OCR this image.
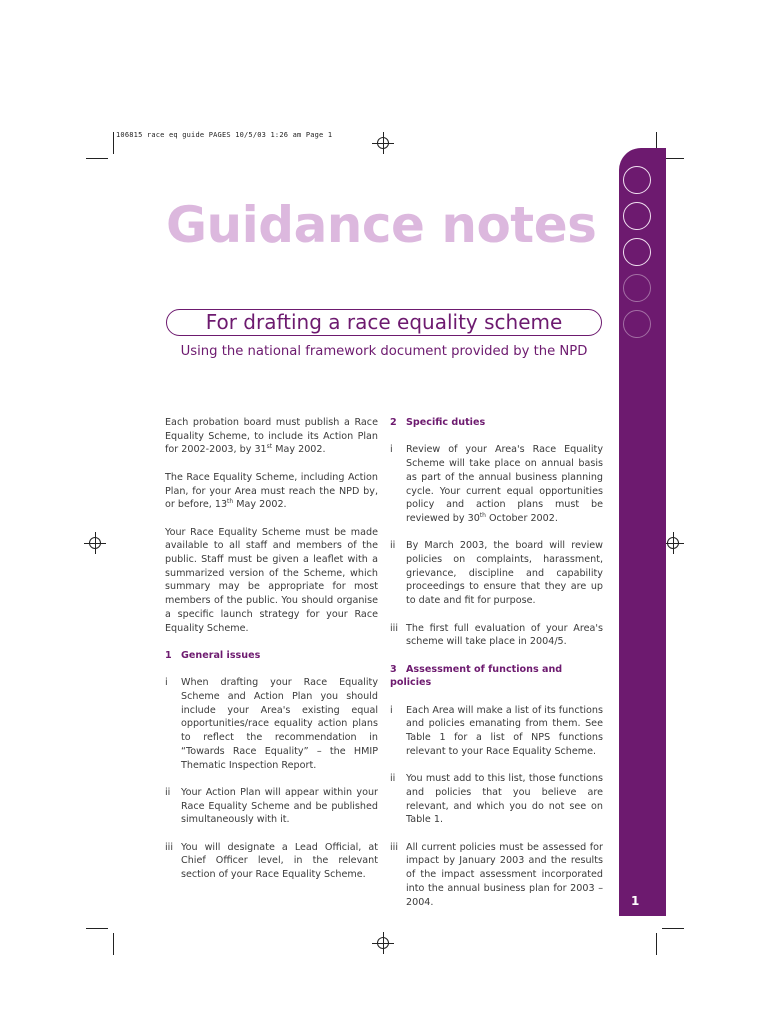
106815 race eq guide PAGES 10/5/03 1:26 am Page 1
1
Guidance notes
For drafting a race equality scheme
Using the national framework document provided by the NPD

Each probation board must publish a Race Equality Scheme, to include its Action Plan for 2002-2003, by 31st May 2002.

The Race Equality Scheme, including Action Plan, for your Area must reach the NPD by, or before, 13th May 2002.

Your Race Equality Scheme must be made available to all staff and members of the public. Staff must be given a leaflet with a summarized version of the Scheme, which summary may be appropriate for most members of the public. You should organise a specific launch strategy for your Race Equality Scheme.

1 General issues
i	When drafting your Race Equality Scheme and Action Plan you should include your Area's existing equal opportunities/race equality action plans to reflect the recommendation in “Towards Race Equality” – the HMIP Thematic Inspection Report.
ii	Your Action Plan will appear within your Race Equality Scheme and be published simultaneously with it.
iii You will designate a Lead Official, at Chief Officer level, in the relevant section of your Race Equality Scheme.
2 Specific duties
i	Review of your Area's Race Equality Scheme will take place on annual basis as part of the annual business planning cycle. Your current equal opportunities policy and action plans must be reviewed by 30th October 2002.
ii	By March 2003, the board will review policies on complaints, harassment, grievance, discipline and capability proceedings to ensure that they are up to date and fit for purpose.
iii The first full evaluation of your Area's scheme will take place in 2004/5.
3 Assessment of functions and policies
i	Each Area will make a list of its functions and policies emanating from them. See Table 1 for a list of NPS functions relevant to your Race Equality Scheme.
ii	You must add to this list, those functions and policies that you believe are relevant, and which you do not see on Table 1.
iii All current policies must be assessed for impact by January 2003 and the results of the impact assessment incorporated into the annual business plan for 2003 – 2004.
